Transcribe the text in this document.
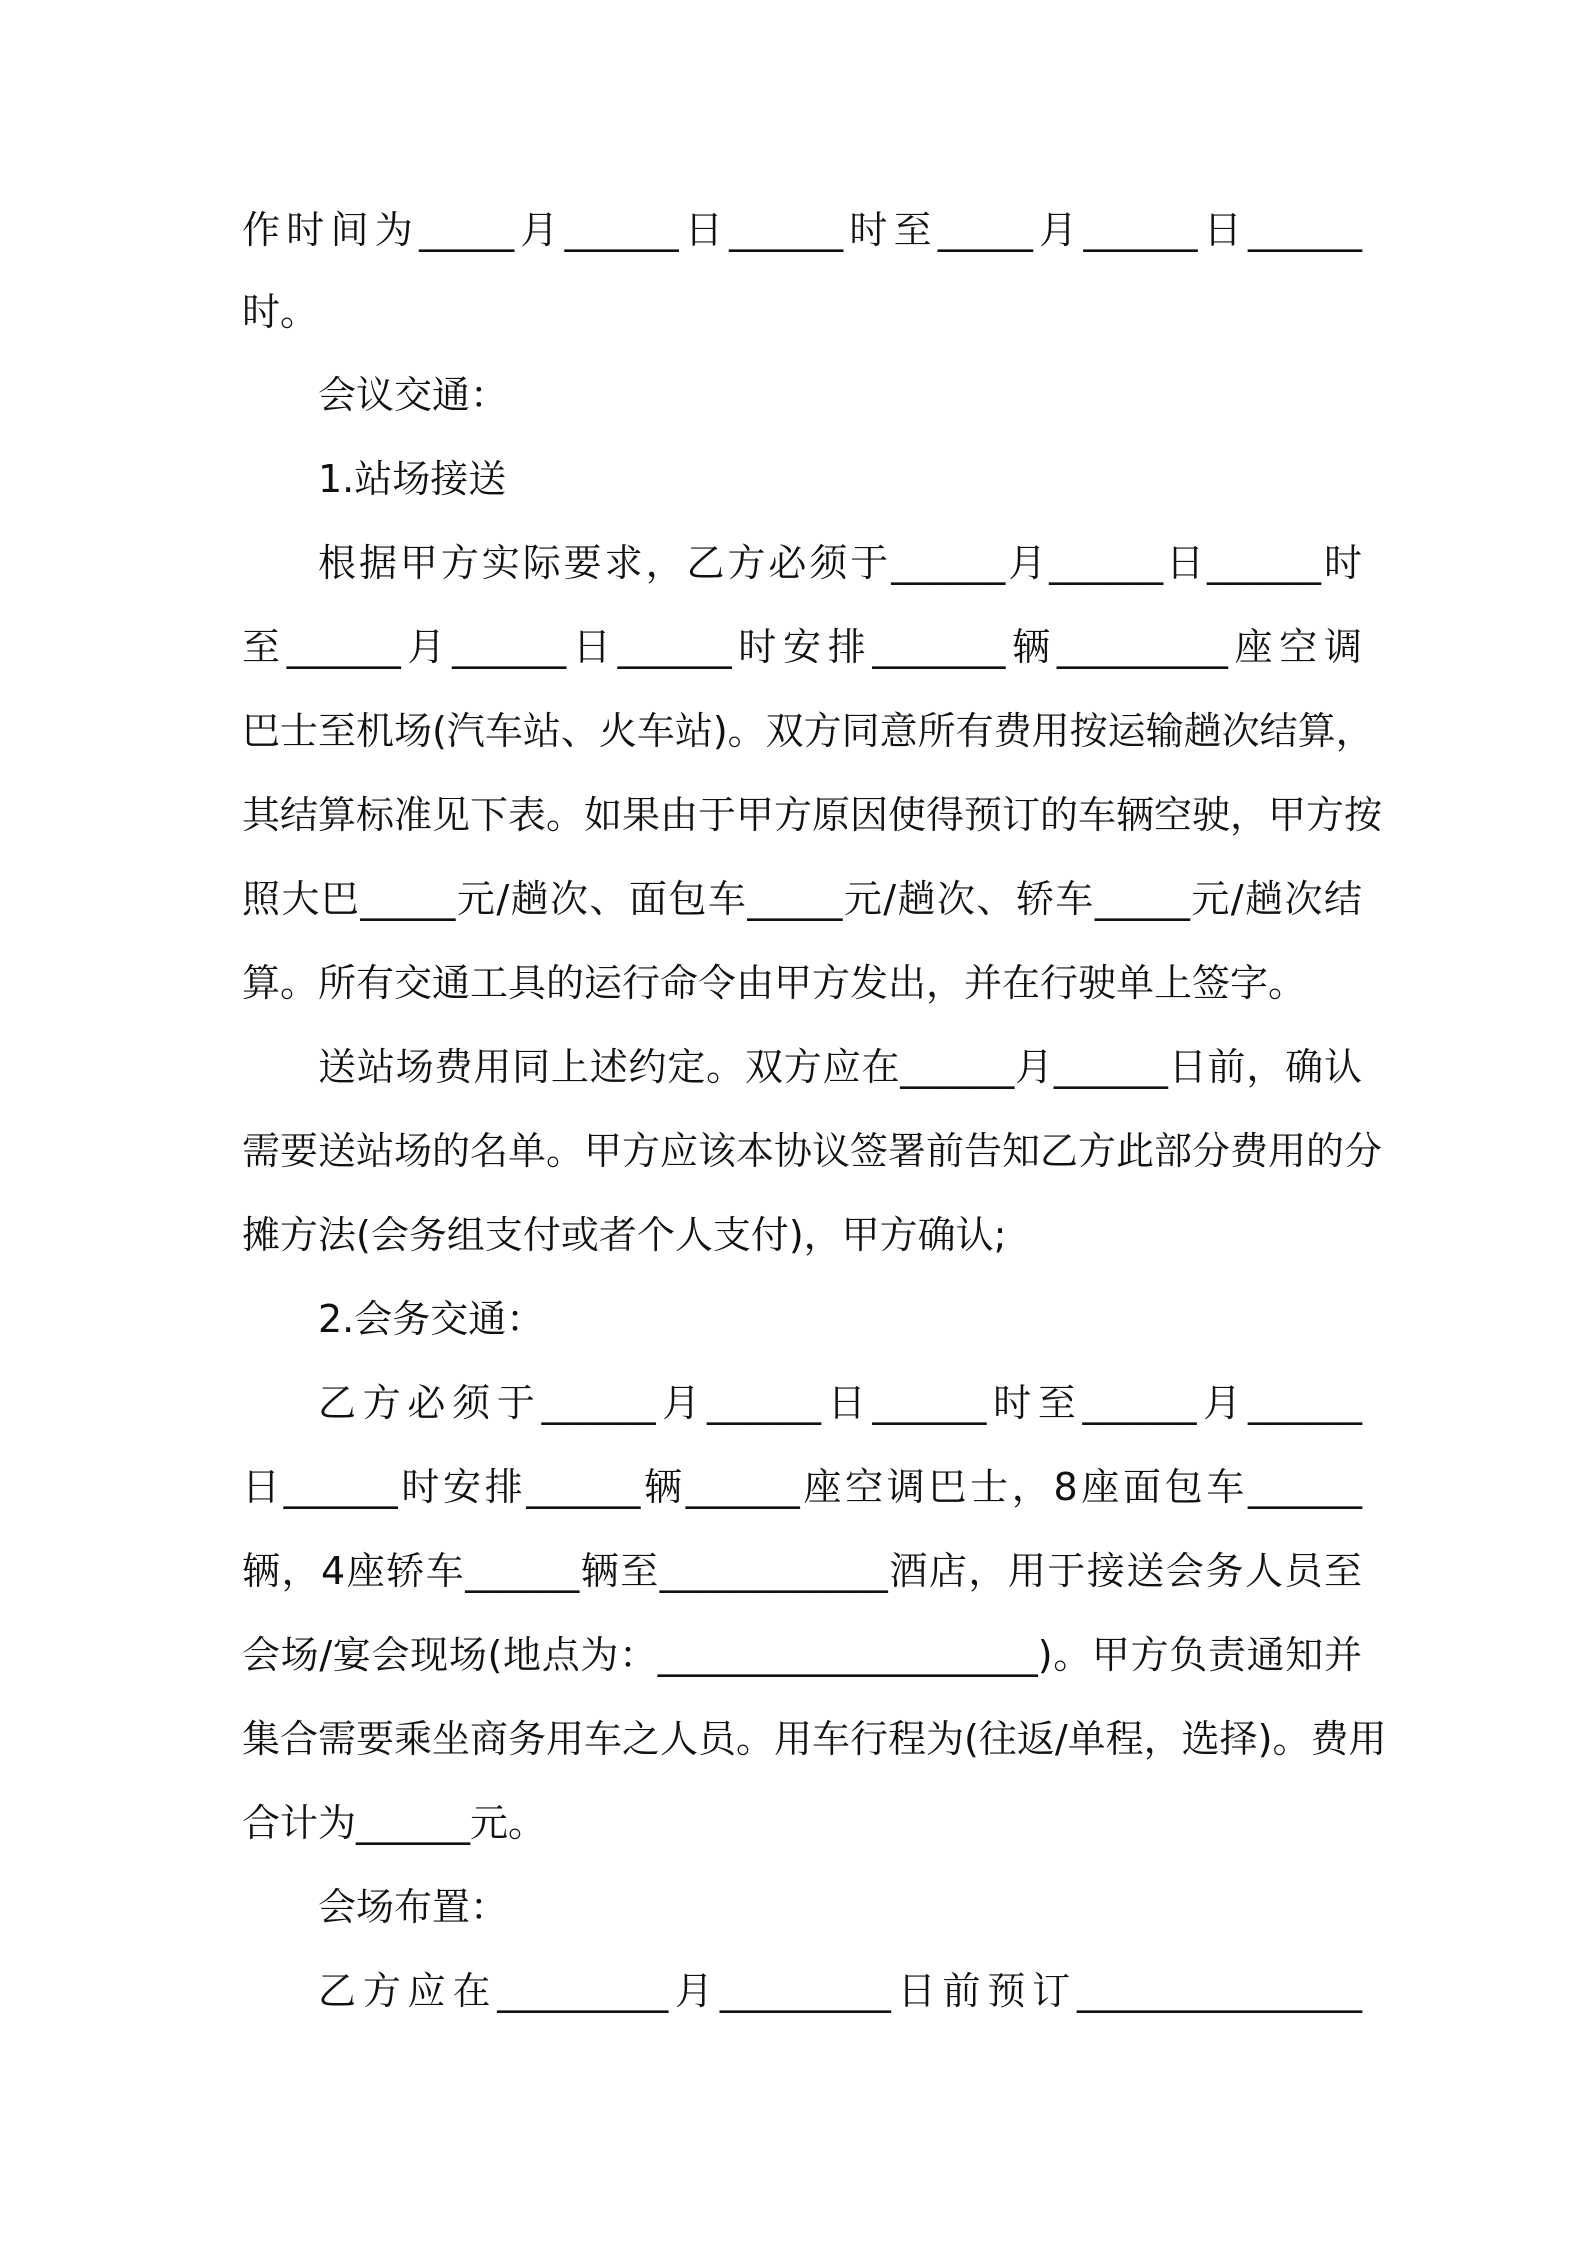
作时间为_____月______日______时至_____月______日______
时。
会议交通：
1.站场接送
根据甲方实际要求，乙方必须于______月______日______时
至______月______日______时安排_______辆_________座空调
巴士至机场(汽车站、火车站)。双方同意所有费用按运输趟次结算，
其结算标准见下表。如果由于甲方原因使得预订的车辆空驶，甲方按
照大巴_____元/趟次、面包车_____元/趟次、轿车_____元/趟次结
算。所有交通工具的运行命令由甲方发出，并在行驶单上签字。
送站场费用同上述约定。双方应在______月______日前，确认
需要送站场的名单。甲方应该本协议签署前告知乙方此部分费用的分
摊方法(会务组支付或者个人支付)，甲方确认;
2.会务交通：
乙方必须于______月______日______时至______月______
日______时安排______辆______座空调巴士，8座面包车______
辆，4座轿车______辆至____________酒店，用于接送会务人员至
会场/宴会现场(地点为：____________________)。甲方负责通知并
集合需要乘坐商务用车之人员。用车行程为(往返/单程，选择)。费用
合计为______元。
会场布置：
乙方应在_________月_________日前预订_______________
